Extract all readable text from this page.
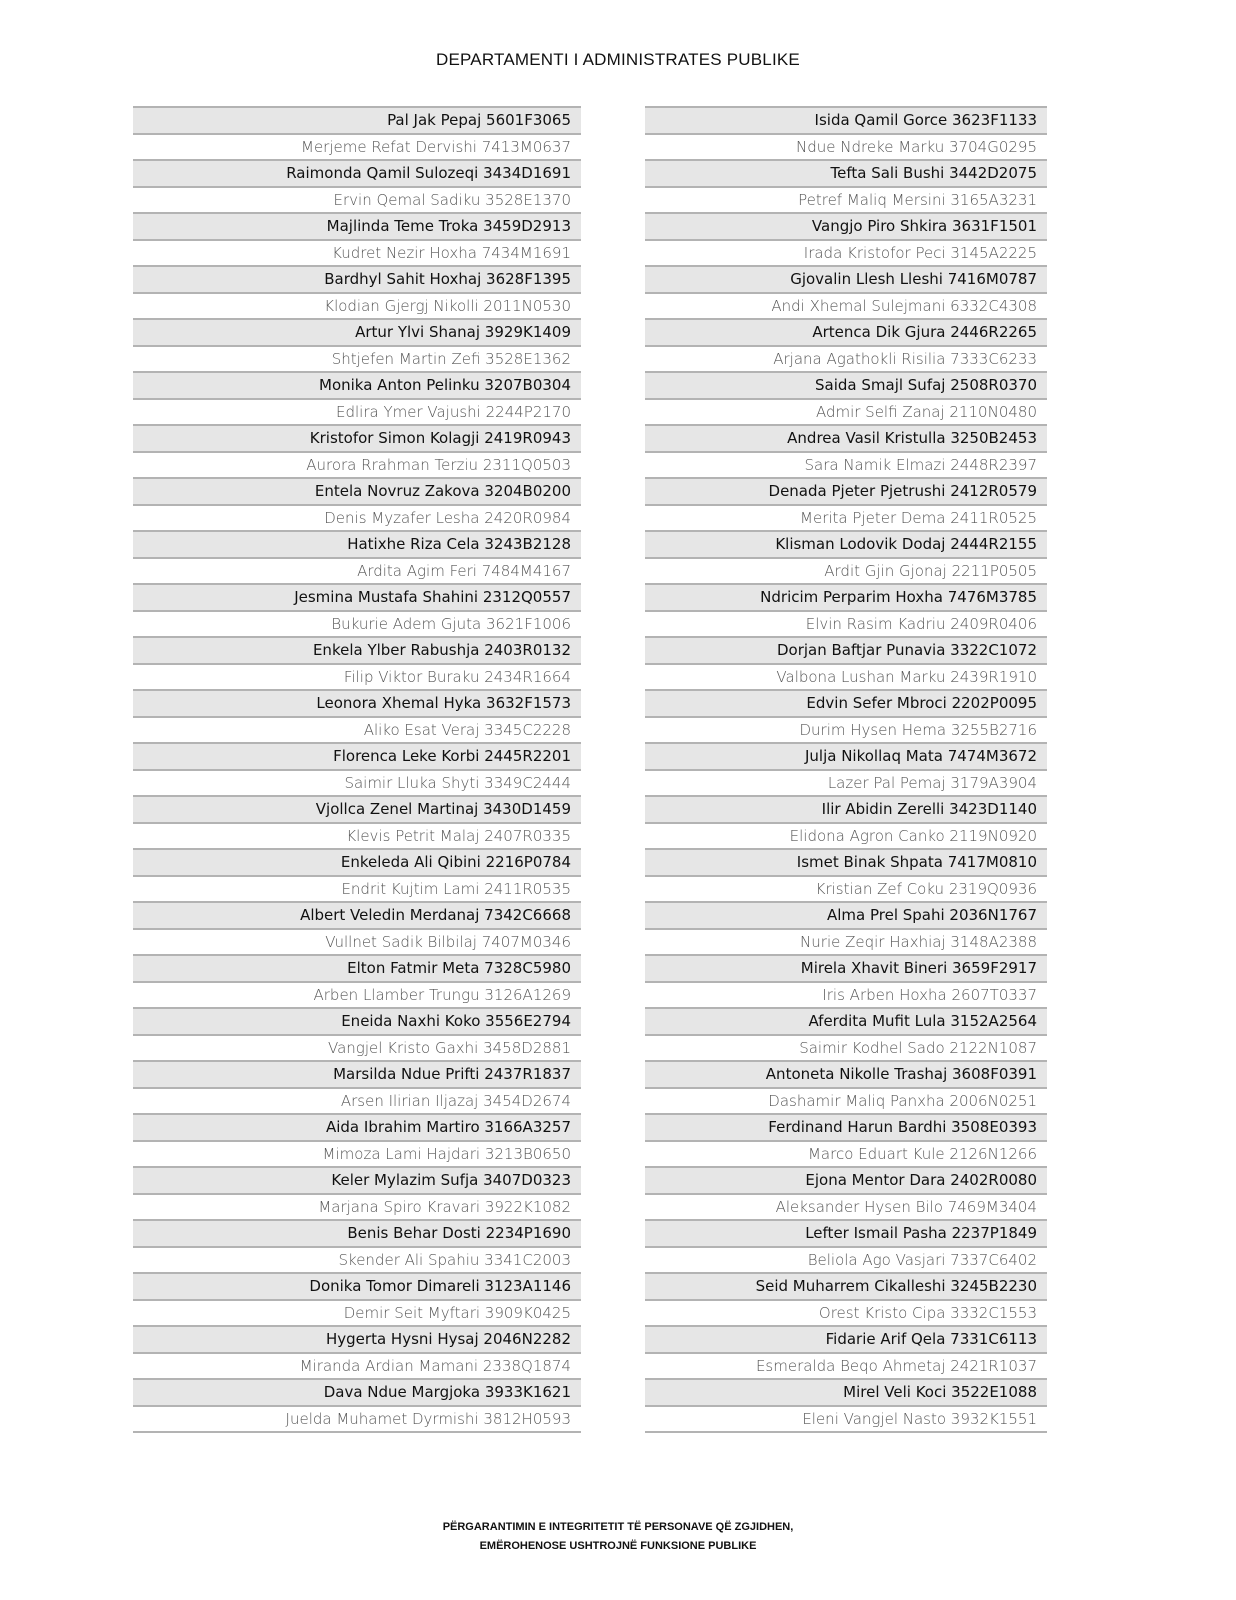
DEPARTAMENTI I ADMINISTRATES PUBLIKE
Pal Jak Pepaj 5601F3065
Merjeme Refat Dervishi 7413M0637
Raimonda Qamil Sulozeqi 3434D1691
Ervin Qemal Sadiku 3528E1370
Majlinda Teme Troka 3459D2913
Kudret Nezir Hoxha 7434M1691
Bardhyl Sahit Hoxhaj 3628F1395
Klodian Gjergj Nikolli 2011N0530
Artur Ylvi Shanaj 3929K1409
Shtjefen Martin Zefi 3528E1362
Monika Anton Pelinku 3207B0304
Edlira Ymer Vajushi 2244P2170
Kristofor Simon Kolagji 2419R0943
Aurora Rrahman Terziu 2311Q0503
Entela Novruz Zakova 3204B0200
Denis Myzafer Lesha 2420R0984
Hatixhe Riza Cela 3243B2128
Ardita Agim Feri 7484M4167
Jesmina Mustafa Shahini 2312Q0557
Bukurie Adem Gjuta 3621F1006
Enkela Ylber Rabushja 2403R0132
Filip Viktor Buraku 2434R1664
Leonora Xhemal Hyka 3632F1573
Aliko Esat Veraj 3345C2228
Florenca Leke Korbi 2445R2201
Saimir Lluka Shyti 3349C2444
Vjollca Zenel Martinaj 3430D1459
Klevis Petrit Malaj 2407R0335
Enkeleda Ali Qibini 2216P0784
Endrit Kujtim Lami 2411R0535
Albert Veledin Merdanaj 7342C6668
Vullnet Sadik Bilbilaj 7407M0346
Elton Fatmir Meta 7328C5980
Arben Llamber Trungu 3126A1269
Eneida Naxhi Koko 3556E2794
Vangjel Kristo Gaxhi 3458D2881
Marsilda Ndue Prifti 2437R1837
Arsen Ilirian Iljazaj 3454D2674
Aida Ibrahim Martiro 3166A3257
Mimoza Lami Hajdari 3213B0650
Keler Mylazim Sufja 3407D0323
Marjana Spiro Kravari 3922K1082
Benis Behar Dosti 2234P1690
Skender Ali Spahiu 3341C2003
Donika Tomor Dimareli 3123A1146
Demir Seit Myftari 3909K0425
Hygerta Hysni Hysaj 2046N2282
Miranda Ardian Mamani 2338Q1874
Dava Ndue Margjoka 3933K1621
Juelda Muhamet Dyrmishi 3812H0593
Isida Qamil Gorce 3623F1133
Ndue Ndreke Marku 3704G0295
Tefta Sali Bushi 3442D2075
Petref Maliq Mersini 3165A3231
Vangjo Piro Shkira 3631F1501
Irada Kristofor Peci 3145A2225
Gjovalin Llesh Lleshi 7416M0787
Andi Xhemal Sulejmani 6332C4308
Artenca Dik Gjura 2446R2265
Arjana Agathokli Risilia 7333C6233
Saida Smajl Sufaj 2508R0370
Admir Selfi Zanaj 2110N0480
Andrea Vasil Kristulla 3250B2453
Sara Namik Elmazi 2448R2397
Denada Pjeter Pjetrushi 2412R0579
Merita Pjeter Dema 2411R0525
Klisman Lodovik Dodaj 2444R2155
Ardit Gjin Gjonaj 2211P0505
Ndricim Perparim Hoxha 7476M3785
Elvin Rasim Kadriu 2409R0406
Dorjan Baftjar Punavia 3322C1072
Valbona Lushan Marku 2439R1910
Edvin Sefer Mbroci 2202P0095
Durim Hysen Hema 3255B2716
Julja Nikollaq Mata 7474M3672
Lazer Pal Pemaj 3179A3904
Ilir Abidin Zerelli 3423D1140
Elidona Agron Canko 2119N0920
Ismet Binak Shpata 7417M0810
Kristian Zef Coku 2319Q0936
Alma Prel Spahi 2036N1767
Nurie Zeqir Haxhiaj 3148A2388
Mirela Xhavit Bineri 3659F2917
Iris Arben Hoxha 2607T0337
Aferdita Mufit Lula 3152A2564
Saimir Kodhel Sado 2122N1087
Antoneta Nikolle Trashaj 3608F0391
Dashamir Maliq Panxha 2006N0251
Ferdinand Harun Bardhi 3508E0393
Marco Eduart Kule 2126N1266
Ejona Mentor Dara 2402R0080
Aleksander Hysen Bilo 7469M3404
Lefter Ismail Pasha 2237P1849
Beliola Ago Vasjari 7337C6402
Seid Muharrem Cikalleshi 3245B2230
Orest Kristo Cipa 3332C1553
Fidarie Arif Qela 7331C6113
Esmeralda Beqo Ahmetaj 2421R1037
Mirel Veli Koci 3522E1088
Eleni Vangjel Nasto 3932K1551
PËRGARANTIMIN E INTEGRITETIT TË PERSONAVE QË ZGJIDHEN,
EMËROHENOSE USHTROJNË FUNKSIONE PUBLIKE
